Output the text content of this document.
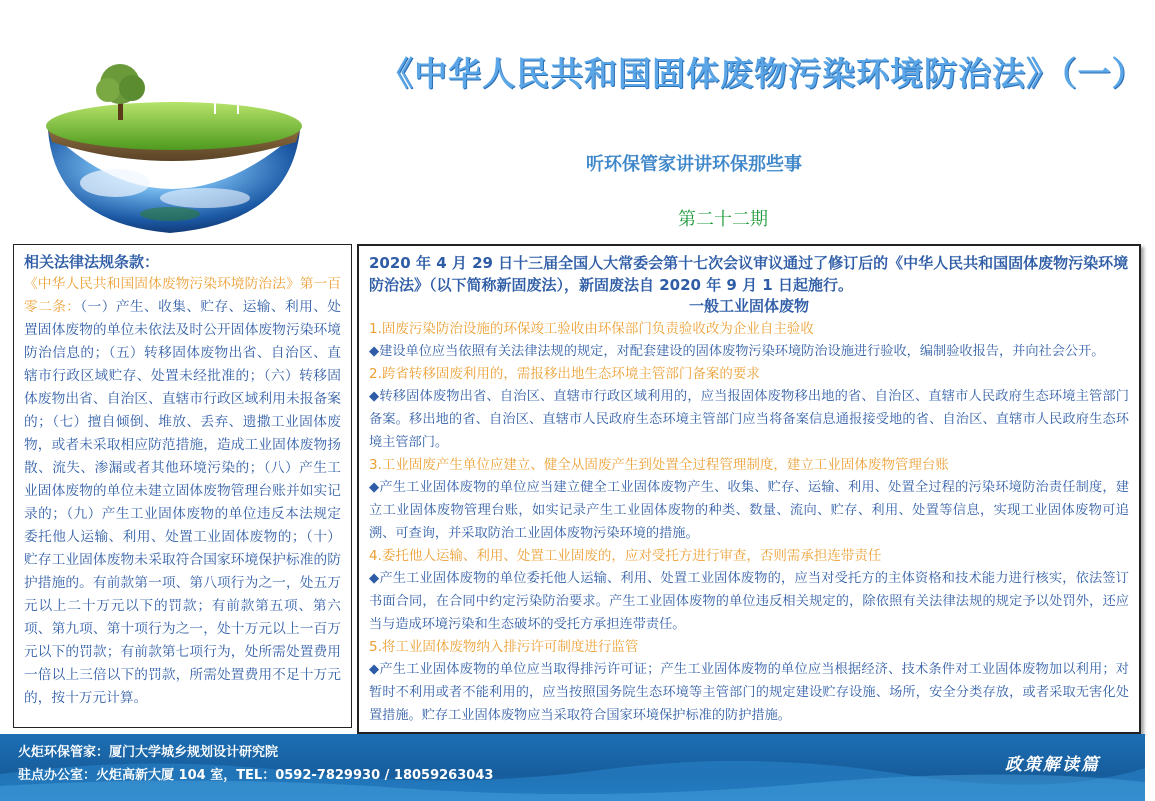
《中华人民共和国固体废物污染环境防治法》（一）
听环保管家讲讲环保那些事
第二十二期
相关法律法规条款：
《中华人民共和国固体废物污染环境防治法》第一百零二条：（一）产生、收集、贮存、运输、利用、处置固体废物的单位未依法及时公开固体废物污染环境防治信息的；（五）转移固体废物出省、自治区、直辖市行政区域贮存、处置未经批准的；（六）转移固体废物出省、自治区、直辖市行政区域利用未报备案的；（七）擅自倾倒、堆放、丢弃、遗撒工业固体废物，或者未采取相应防范措施，造成工业固体废物扬散、流失、渗漏或者其他环境污染的；（八）产生工业固体废物的单位未建立固体废物管理台账并如实记录的；（九）产生工业固体废物的单位违反本法规定委托他人运输、利用、处置工业固体废物的；（十）贮存工业固体废物未采取符合国家环境保护标准的防护措施的。有前款第一项、第八项行为之一，处五万元以上二十万元以下的罚款；有前款第五项、第六项、第九项、第十项行为之一，处十万元以上一百万元以下的罚款；有前款第七项行为，处所需处置费用一倍以上三倍以下的罚款，所需处置费用不足十万元的，按十万元计算。
2020 年 4 月 29 日十三届全国人大常委会第十七次会议审议通过了修订后的《中华人民共和国固体废物污染环境防治法》（以下简称新固废法），新固废法自 2020 年 9 月 1 日起施行。
一般工业固体废物
1.固废污染防治设施的环保竣工验收由环保部门负责验收改为企业自主验收
◆建设单位应当依照有关法律法规的规定，对配套建设的固体废物污染环境防治设施进行验收，编制验收报告，并向社会公开。
2.跨省转移固废利用的，需报移出地生态环境主管部门备案的要求
◆转移固体废物出省、自治区、直辖市行政区域利用的，应当报固体废物移出地的省、自治区、直辖市人民政府生态环境主管部门备案。移出地的省、自治区、直辖市人民政府生态环境主管部门应当将备案信息通报接受地的省、自治区、直辖市人民政府生态环境主管部门。
3.工业固废产生单位应建立、健全从固废产生到处置全过程管理制度，建立工业固体废物管理台账
◆产生工业固体废物的单位应当建立健全工业固体废物产生、收集、贮存、运输、利用、处置全过程的污染环境防治责任制度，建立工业固体废物管理台账，如实记录产生工业固体废物的种类、数量、流向、贮存、利用、处置等信息，实现工业固体废物可追溯、可查询，并采取防治工业固体废物污染环境的措施。
4.委托他人运输、利用、处置工业固废的，应对受托方进行审查，否则需承担连带责任
◆产生工业固体废物的单位委托他人运输、利用、处置工业固体废物的，应当对受托方的主体资格和技术能力进行核实，依法签订书面合同，在合同中约定污染防治要求。产生工业固体废物的单位违反相关规定的，除依照有关法律法规的规定予以处罚外，还应当与造成环境污染和生态破坏的受托方承担连带责任。
5.将工业固体废物纳入排污许可制度进行监管
◆产生工业固体废物的单位应当取得排污许可证；产生工业固体废物的单位应当根据经济、技术条件对工业固体废物加以利用；对暂时不利用或者不能利用的，应当按照国务院生态环境等主管部门的规定建设贮存设施、场所，安全分类存放，或者采取无害化处置措施。贮存工业固体废物应当采取符合国家环境保护标准的防护措施。
火炬环保管家：厦门大学城乡规划设计研究院
驻点办公室：火炬高新大厦 104 室，TEL：0592-7829930 / 18059263043
政策解读篇
